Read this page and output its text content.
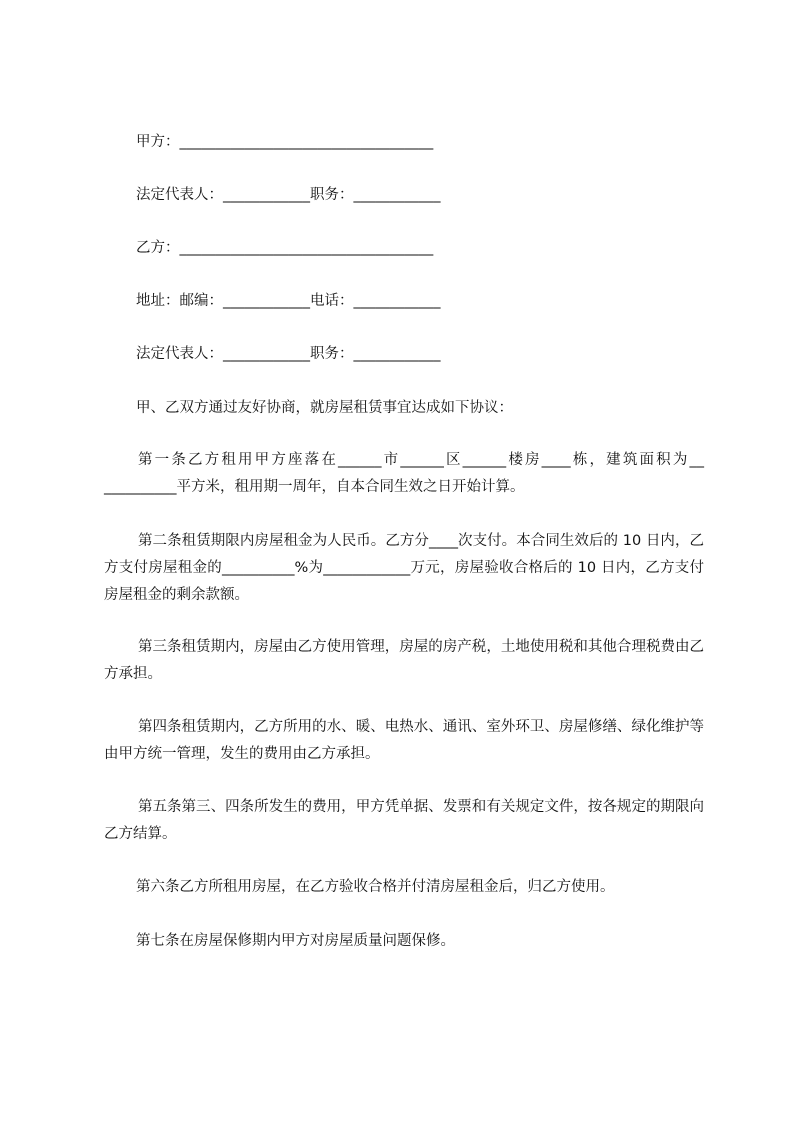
甲方：___________________________________
法定代表人：____________职务：____________
乙方：___________________________________
地址：邮编：____________电话：____________
法定代表人：____________职务：____________
甲、乙双方通过友好协商，就房屋租赁事宜达成如下协议：
第一条乙方租用甲方座落在______市______区______楼房____栋，建筑面积为__ __________平方米，租用期一周年，自本合同生效之日开始计算。
第二条租赁期限内房屋租金为人民币。乙方分____次支付。本合同生效后的 10 日内，乙方支付房屋租金的__________%为____________万元，房屋验收合格后的 10 日内，乙方支付房屋租金的剩余款额。
第三条租赁期内，房屋由乙方使用管理，房屋的房产税，土地使用税和其他合理税费由乙方承担。
第四条租赁期内，乙方所用的水、暖、电热水、通讯、室外环卫、房屋修缮、绿化维护等由甲方统一管理，发生的费用由乙方承担。
第五条第三、四条所发生的费用，甲方凭单据、发票和有关规定文件，按各规定的期限向乙方结算。
第六条乙方所租用房屋，在乙方验收合格并付清房屋租金后，归乙方使用。
第七条在房屋保修期内甲方对房屋质量问题保修。
